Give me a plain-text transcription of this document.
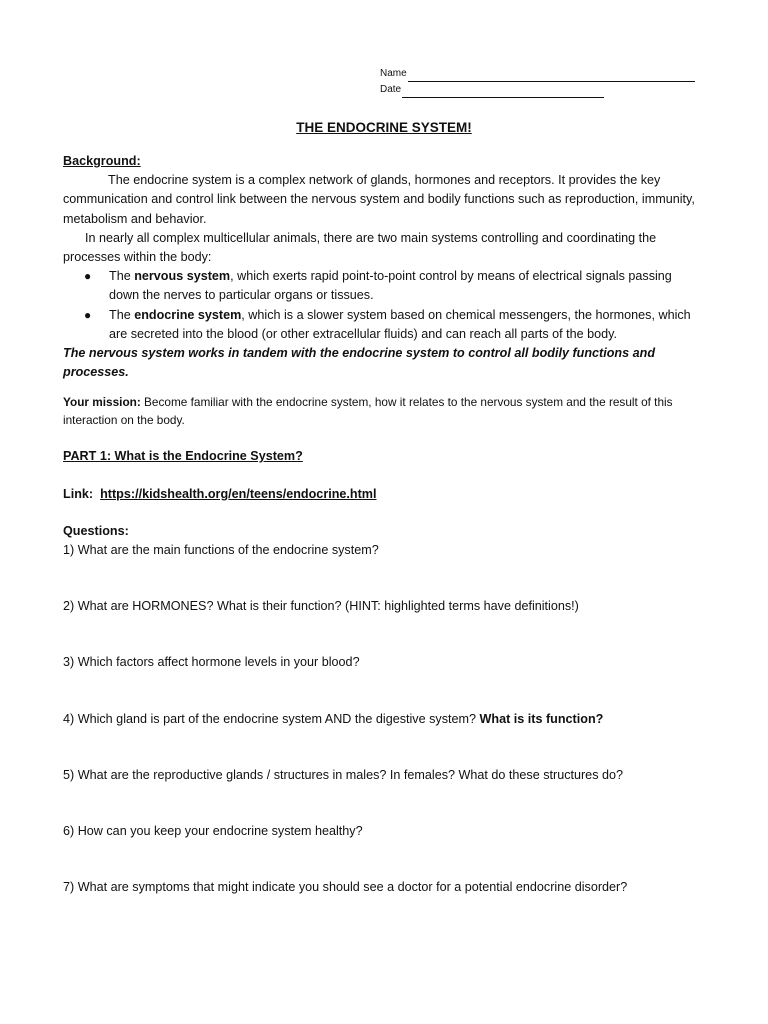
Name
Date
THE ENDOCRINE SYSTEM!
Background:

The endocrine system is a complex network of glands, hormones and receptors. It provides the key communication and control link between the nervous system and bodily functions such as reproduction, immunity, metabolism and behavior.

In nearly all complex multicellular animals, there are two main systems controlling and coordinating the processes within the body:

● The nervous system, which exerts rapid point-to-point control by means of electrical signals passing down the nerves to particular organs or tissues.
● The endocrine system, which is a slower system based on chemical messengers, the hormones, which are secreted into the blood (or other extracellular fluids) and can reach all parts of the body.

The nervous system works in tandem with the endocrine system to control all bodily functions and processes.

Your mission: Become familiar with the endocrine system, how it relates to the nervous system and the result of this interaction on the body.

PART 1: What is the Endocrine System?
Link: https://kidshealth.org/en/teens/endocrine.html
Questions:

1) What are the main functions of the endocrine system?

2) What are HORMONES? What is their function? (HINT: highlighted terms have definitions!)

3) Which factors affect hormone levels in your blood?

4) Which gland is part of the endocrine system AND the digestive system? What is its function?

5) What are the reproductive glands / structures in males? In females? What do these structures do?

6) How can you keep your endocrine system healthy?

7) What are symptoms that might indicate you should see a doctor for a potential endocrine disorder?
